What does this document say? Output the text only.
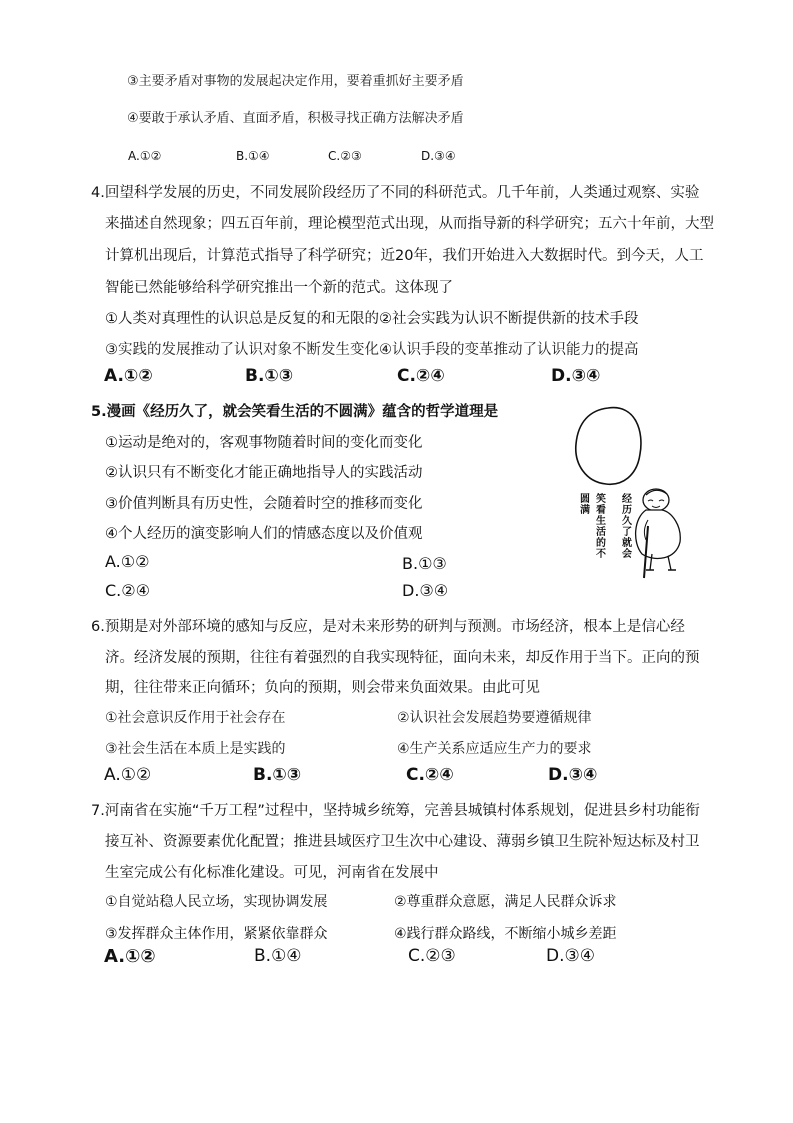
③主要矛盾对事物的发展起决定作用，要着重抓好主要矛盾
④要敢于承认矛盾、直面矛盾，积极寻找正确方法解决矛盾
A.①②	B.①④	C.②③	D.③④
4.回望科学发展的历史，不同发展阶段经历了不同的科研范式。几千年前，人类通过观察、实验
来描述自然现象；四五百年前，理论模型范式出现，从而指导新的科学研究；五六十年前，大型
计算机出现后，计算范式指导了科学研究；近20年，我们开始进入大数据时代。到今天，人工
智能已然能够给科学研究推出一个新的范式。这体现了
①人类对真理性的认识总是反复的和无限的②社会实践为认识不断提供新的技术手段
③实践的发展推动了认识对象不断发生变化④认识手段的变革推动了认识能力的提高
A.①②	B.①③	C.②④	D.③④
5.漫画《经历久了，就会笑看生活的不圆满》蕴含的哲学道理是
①运动是绝对的，客观事物随着时间的变化而变化
②认识只有不断变化才能正确地指导人的实践活动
③价值判断具有历史性，会随着时空的推移而变化
④个人经历的演变影响人们的情感态度以及价值观
A.①②	B.①③
C.②④	D.③④
经历久了就会
笑看生活的不
圆满
6.预期是对外部环境的感知与反应，是对未来形势的研判与预测。市场经济，根本上是信心经
济。经济发展的预期，往往有着强烈的自我实现特征，面向未来，却反作用于当下。正向的预
期，往往带来正向循环；负向的预期，则会带来负面效果。由此可见
①社会意识反作用于社会存在	②认识社会发展趋势要遵循规律
③社会生活在本质上是实践的	④生产关系应适应生产力的要求
A.①②	B.①③	C.②④	D.③④
7.河南省在实施“千万工程”过程中，坚持城乡统筹，完善县城镇村体系规划，促进县乡村功能衔
接互补、资源要素优化配置；推进县域医疗卫生次中心建设、薄弱乡镇卫生院补短达标及村卫
生室完成公有化标准化建设。可见，河南省在发展中
①自觉站稳人民立场，实现协调发展	②尊重群众意愿，满足人民群众诉求
③发挥群众主体作用，紧紧依靠群众	④践行群众路线，不断缩小城乡差距
A.①②	B.①④	C.②③	D.③④
